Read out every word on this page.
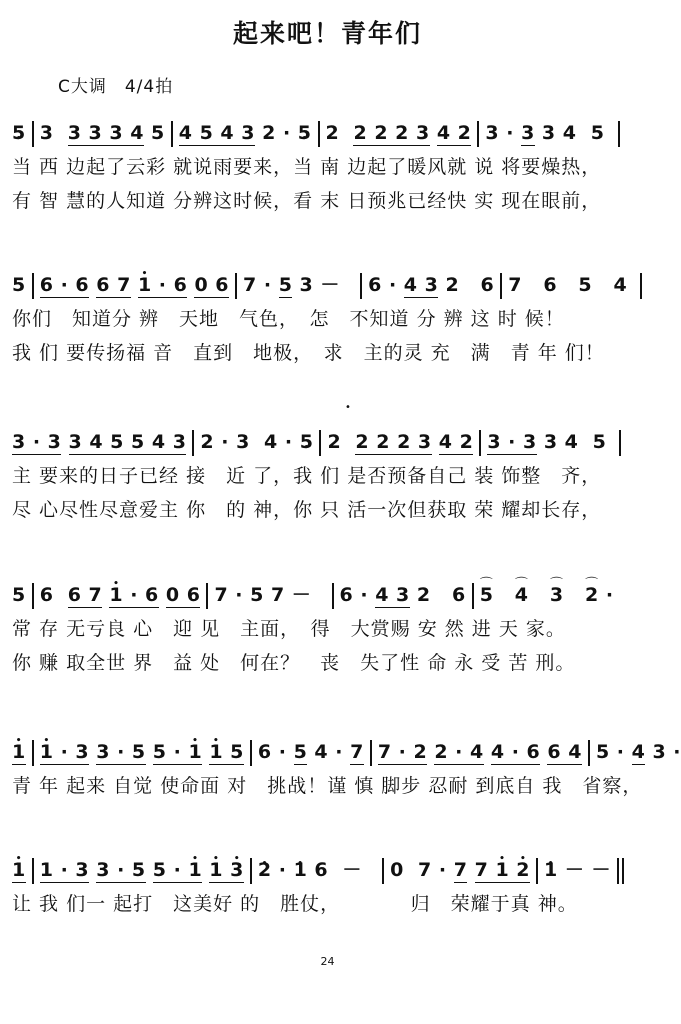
起来吧！青年们
C大调　4/4拍
5 • 3  3 3 3 4 5 4 5 4 3 2 · 5 • 2  2 2 2 3 4 2 3 · 3 3 4  5
当 西 边起了云彩 就说雨要来，当 南 边起了暖风就 说 将要燥热，
有 智 慧的人知道 分辨这时候，看 末 日预兆已经快 实 现在眼前，
5 6 · 6 6 7 • 1 · 6 0 6 7 · 5 3 －  6 · 4 3 2   6 7   6   5   4
你们　知道分 辨　天地　气色，　怎　不知道 分 辨 这 时 候！
我 们 要传扬福 音　直到　地极，　求　主的灵 充　满　青 年 们！
•
3 · 3 3 4 5 5 4 3 2 · 3  4 · 5 • 2  2 2 2 3 4 2 3 · 3 3 4  5
主 要来的日子已经 接　近 了，我 们 是否预备自己 装 饰整　齐，
尽 心尽性尽意爱主 你　的 神，你 只 活一次但获取 荣 耀却长存，
5 6  6 7 • 1 · 6 0 6 7 · 5 7 －  6 · 4 3 2   6 ⌒ 5 ⌒ 4 ⌒ 3 ⌒ 2 ·
常 存 无亏良 心　迎 见　主面，　得　大赏赐 安 然 进 天 家。
你 赚 取全世 界　益 处　何在？　丧　失了性 命 永 受 苦 刑。
• 1 • 1 · 3 3 · 5 5 · • 1 • 1 5 6 · 5 4 · 7 7 · 2 2 · 4 4 · 6 6 4 5 · 4 3 ·
青 年 起来 自觉 使命面 对　挑战！谨 慎 脚步 忍耐 到底自 我　省察，
• 1 1 · 3 3 · 5 5 · • 1 • 1 • 3 • 2 · • 1 6  －  0  7 · 7 7 • 1 • 2 • 1 － －
让 我 们一 起打　这美好 的　胜仗，　　　　归　荣耀于真 神。
24
